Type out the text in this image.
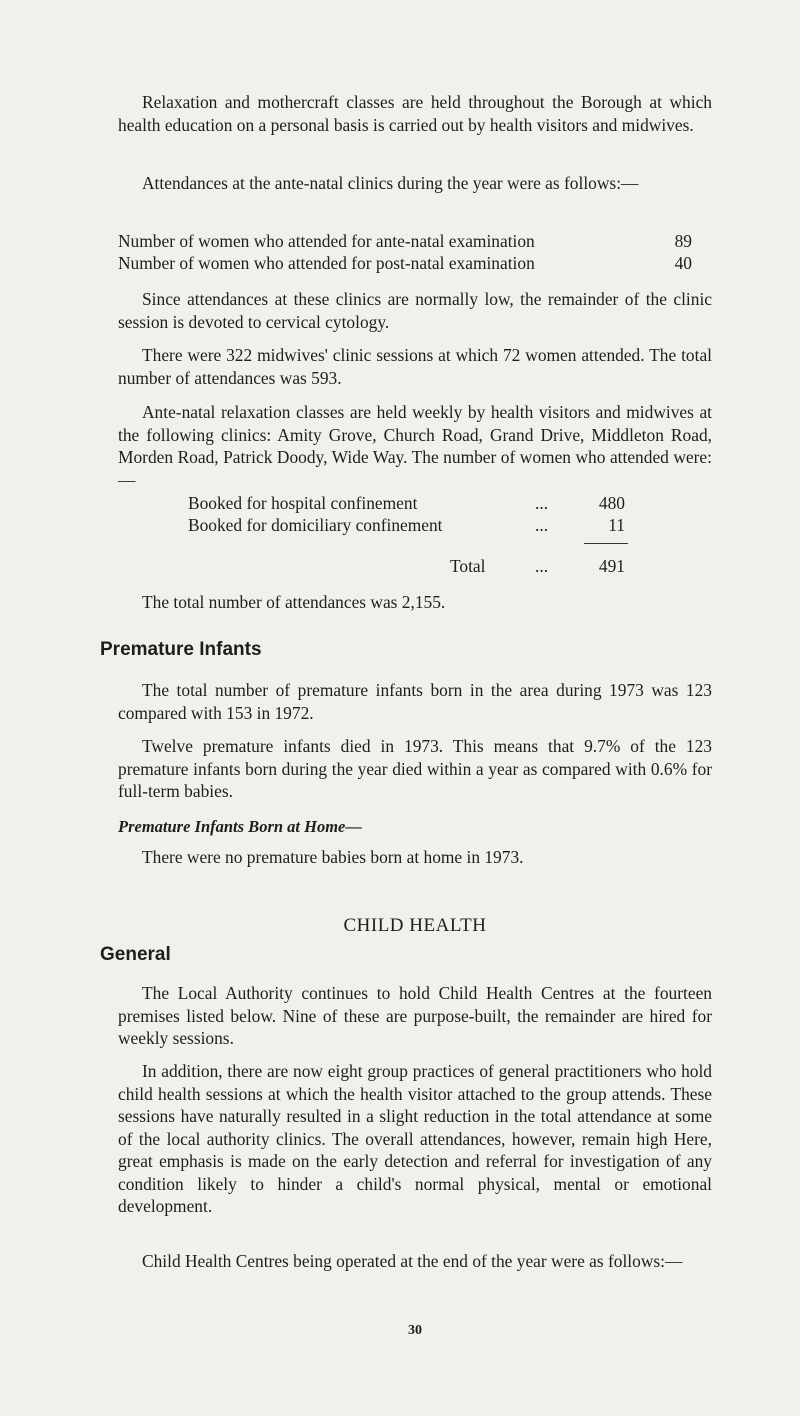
Relaxation and mothercraft classes are held throughout the Borough at which health education on a personal basis is carried out by health visitors and midwives.

Attendances at the ante-natal clinics during the year were as follows:—

Number of women who attended for ante-natal examination	89
Number of women who attended for post-natal examination	40

Since attendances at these clinics are normally low, the remainder of the clinic session is devoted to cervical cytology.

There were 322 midwives' clinic sessions at which 72 women attended. The total number of attendances was 593.

Ante-natal relaxation classes are held weekly by health visitors and midwives at the following clinics: Amity Grove, Church Road, Grand Drive, Middleton Road, Morden Road, Patrick Doody, Wide Way. The number of women who attended were:—

Booked for hospital confinement	...	480
Booked for domiciliary confinement	...	11
Total	...	491

The total number of attendances was 2,155.

Premature Infants

The total number of premature infants born in the area during 1973 was 123 compared with 153 in 1972.

Twelve premature infants died in 1973. This means that 9.7% of the 123 premature infants born during the year died within a year as compared with 0.6% for full-term babies.

Premature Infants Born at Home—

There were no premature babies born at home in 1973.

CHILD HEALTH

General

The Local Authority continues to hold Child Health Centres at the fourteen premises listed below. Nine of these are purpose-built, the remainder are hired for weekly sessions.

In addition, there are now eight group practices of general practitioners who hold child health sessions at which the health visitor attached to the group attends. These sessions have naturally resulted in a slight reduction in the total attendance at some of the local authority clinics. The overall attendances, however, remain high Here, great emphasis is made on the early detection and referral for investigation of any condition likely to hinder a child's normal physical, mental or emotional development.

Child Health Centres being operated at the end of the year were as follows:—

30
